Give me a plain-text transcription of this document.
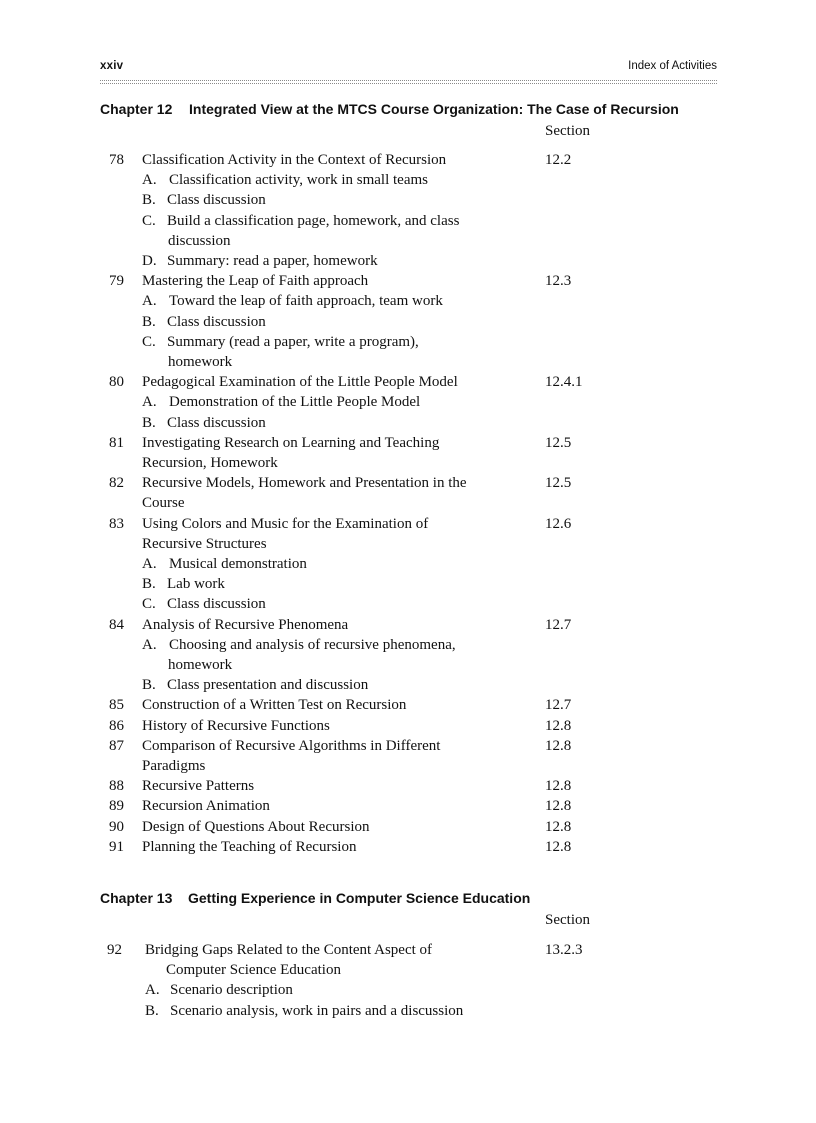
xxiv	Index of Activities
Chapter 12 Integrated View at the MTCS Course Organization: The Case of Recursion
Section
78 Classification Activity in the Context of Recursion	12.2
A. Classification activity, work in small teams
B. Class discussion
C. Build a classification page, homework, and class
discussion
D. Summary: read a paper, homework
79 Mastering the Leap of Faith approach	12.3
A. Toward the leap of faith approach, team work
B. Class discussion
C. Summary (read a paper, write a program),
homework
80 Pedagogical Examination of the Little People Model	12.4.1
A. Demonstration of the Little People Model
B. Class discussion
81 Investigating Research on Learning and Teaching	12.5
Recursion, Homework
82 Recursive Models, Homework and Presentation in the	12.5
Course
83 Using Colors and Music for the Examination of	12.6
Recursive Structures
A. Musical demonstration
B. Lab work
C. Class discussion
84 Analysis of Recursive Phenomena	12.7
A. Choosing and analysis of recursive phenomena,
homework
B. Class presentation and discussion
85 Construction of a Written Test on Recursion	12.7
86 History of Recursive Functions	12.8
87 Comparison of Recursive Algorithms in Different	12.8
Paradigms
88 Recursive Patterns	12.8
89 Recursion Animation	12.8
90 Design of Questions About Recursion	12.8
91 Planning the Teaching of Recursion	12.8
Chapter 13 Getting Experience in Computer Science Education
Section
92 Bridging Gaps Related to the Content Aspect of	13.2.3
Computer Science Education
A. Scenario description
B. Scenario analysis, work in pairs and a discussion
